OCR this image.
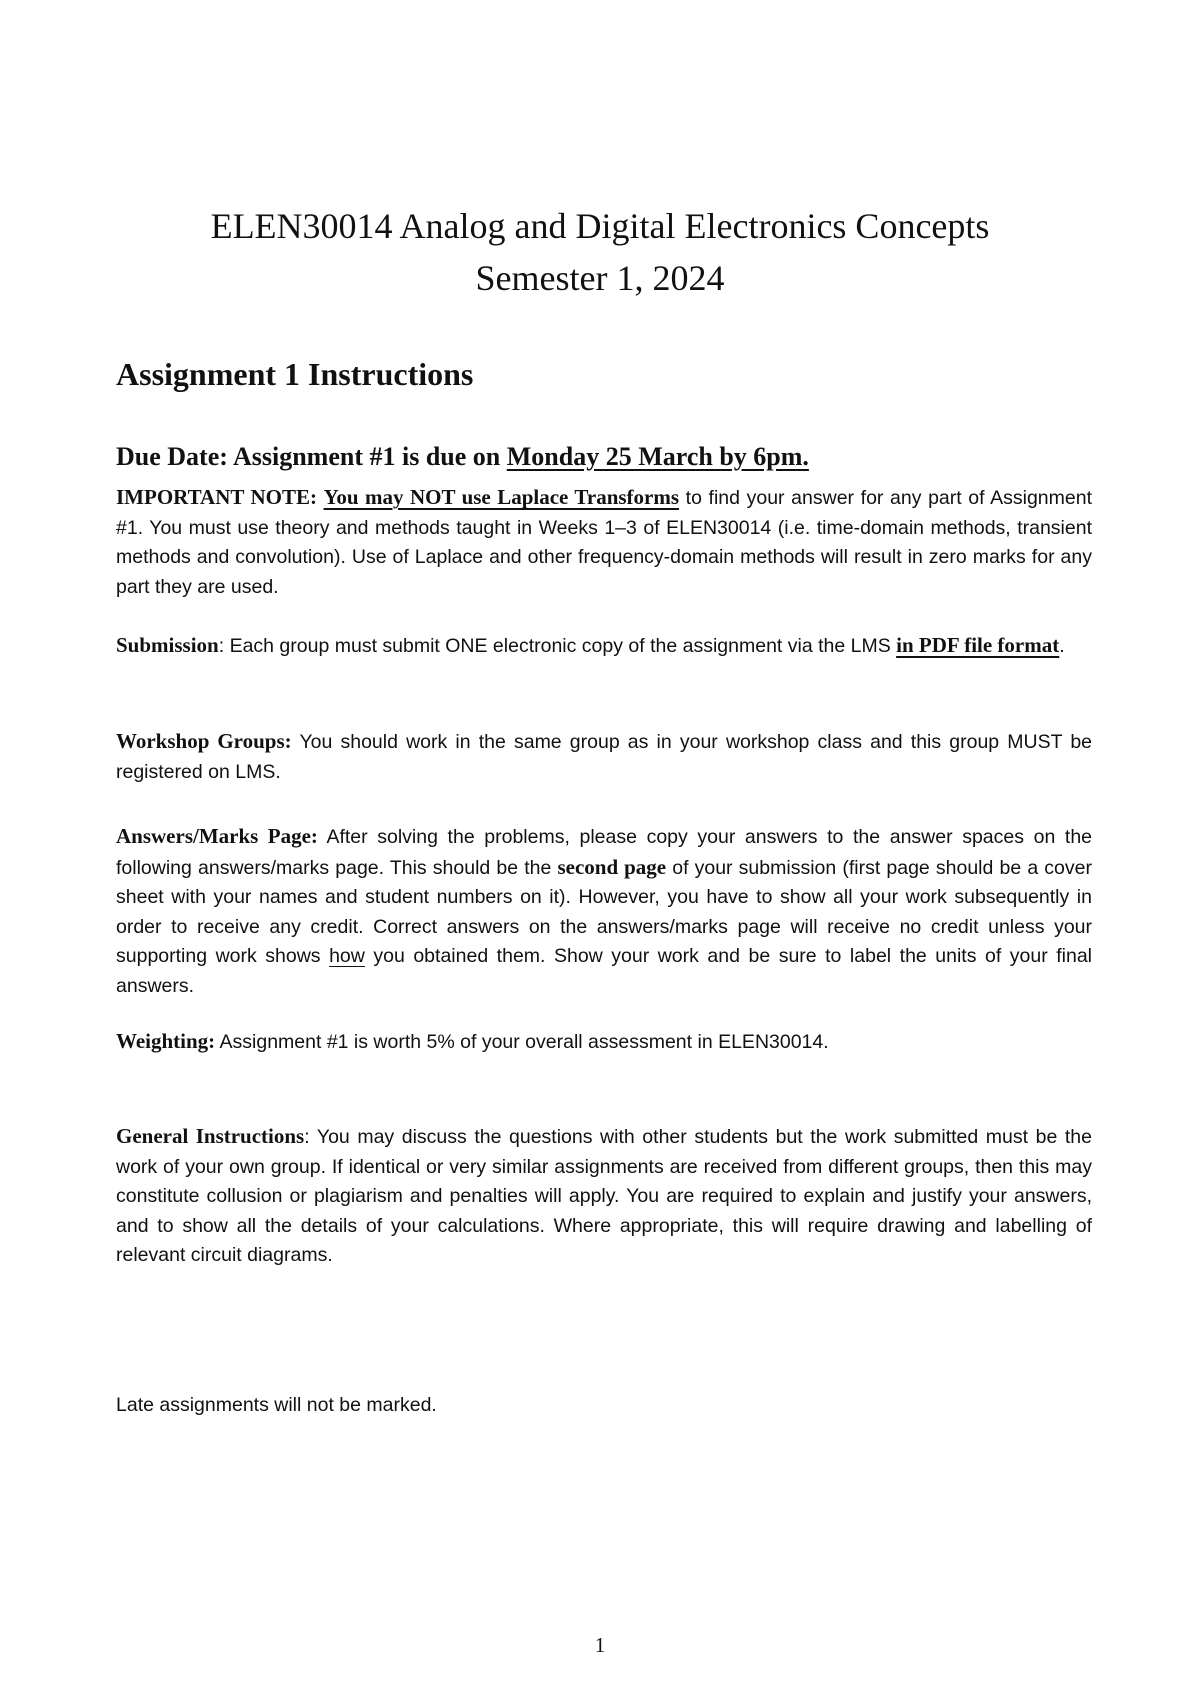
ELEN30014 Analog and Digital Electronics Concepts
Semester 1, 2024
Assignment 1 Instructions
Due Date: Assignment #1 is due on Monday 25 March by 6pm.
IMPORTANT NOTE: You may NOT use Laplace Transforms to find your answer for any part of Assignment #1. You must use theory and methods taught in Weeks 1–3 of ELEN30014 (i.e. time-domain methods, transient methods and convolution). Use of Laplace and other frequency-domain methods will result in zero marks for any part they are used.
Submission: Each group must submit ONE electronic copy of the assignment via the LMS in PDF file format.
Workshop Groups: You should work in the same group as in your workshop class and this group MUST be registered on LMS.
Answers/Marks Page: After solving the problems, please copy your answers to the answer spaces on the following answers/marks page. This should be the second page of your submission (first page should be a cover sheet with your names and student numbers on it). However, you have to show all your work subsequently in order to receive any credit. Correct answers on the answers/marks page will receive no credit unless your supporting work shows how you obtained them. Show your work and be sure to label the units of your final answers.
Weighting: Assignment #1 is worth 5% of your overall assessment in ELEN30014.
General Instructions: You may discuss the questions with other students but the work submitted must be the work of your own group. If identical or very similar assignments are received from different groups, then this may constitute collusion or plagiarism and penalties will apply. You are required to explain and justify your answers, and to show all the details of your calculations. Where appropriate, this will require drawing and labelling of relevant circuit diagrams.
Late assignments will not be marked.
1
